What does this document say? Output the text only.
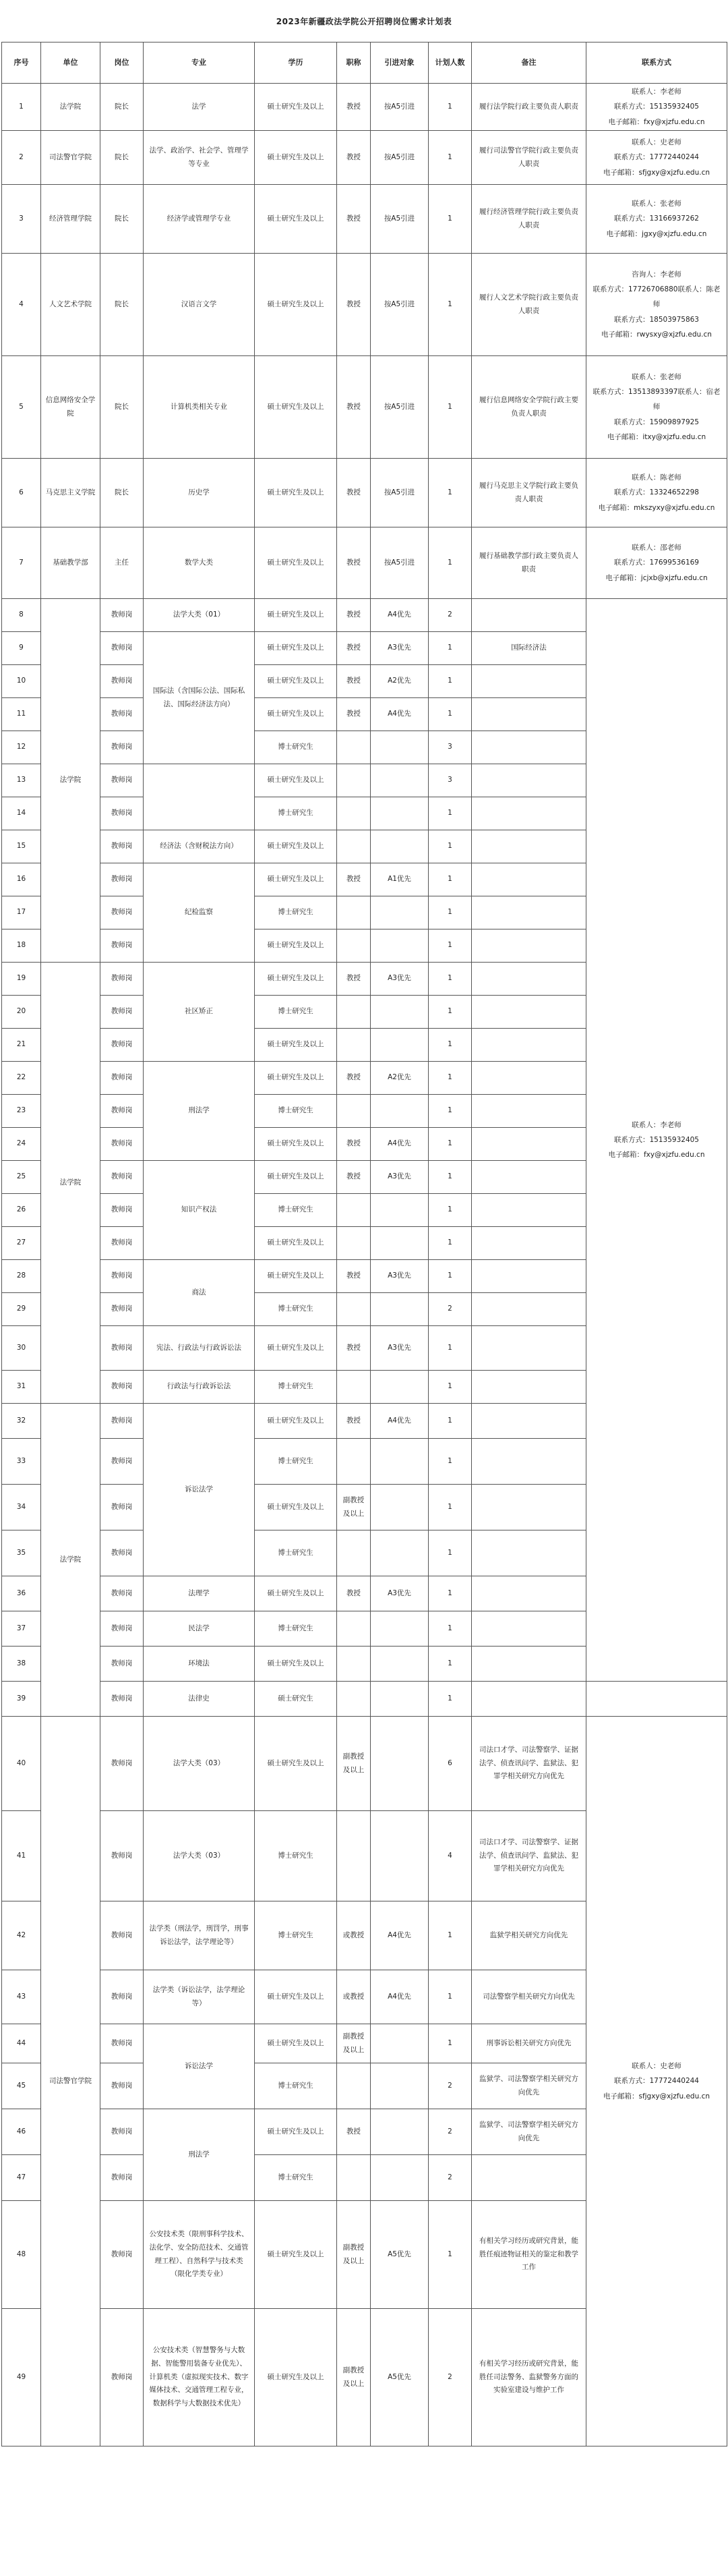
2023年新疆政法学院公开招聘岗位需求计划表
序号	单位	岗位	专业	学历	职称	引进对象	计划人数	备注	联系方式
1	法学院	院长	法学	硕士研究生及以上	教授	按A5引进	1	履行法学院行政主要负责人职责	联系人：李老师
联系方式：15135932405
电子邮箱：fxy@xjzfu.edu.cn

2	司法警官学院	院长	法学、政治学、社会学、管理学等专业	硕士研究生及以上	教授	按A5引进	1	履行司法警官学院行政主要负责人职责	联系人：史老师
联系方式：17772440244
电子邮箱：sfjgxy@xjzfu.edu.cn

3	经济管理学院	院长	经济学或管理学专业	硕士研究生及以上	教授	按A5引进	1	履行经济管理学院行政主要负责人职责	联系人：张老师
联系方式：13166937262
电子邮箱：jgxy@xjzfu.edu.cn

4	人文艺术学院	院长	汉语言文学	硕士研究生及以上	教授	按A5引进	1	履行人文艺术学院行政主要负责人职责	咨询人：李老师
联系方式：17726706880联系人：陈老师
联系方式：18503975863
电子邮箱：rwysxy@xjzfu.edu.cn

5	信息网络安全学院	院长	计算机类相关专业	硕士研究生及以上	教授	按A5引进	1	履行信息网络安全学院行政主要负责人职责	联系人：张老师
联系方式：13513893397联系人：宿老师
联系方式：15909897925
电子邮箱：itxy@xjzfu.edu.cn

6	马克思主义学院	院长	历史学	硕士研究生及以上	教授	按A5引进	1	履行马克思主义学院行政主要负责人职责	联系人：陈老师
联系方式：13324652298
电子邮箱：mkszyxy@xjzfu.edu.cn

7	基础教学部	主任	数学大类	硕士研究生及以上	教授	按A5引进	1	履行基础教学部行政主要负责人职责	联系人：邵老师
联系方式：17699536169
电子邮箱：jcjxb@xjzfu.edu.cn

8	法学院	教师岗	法学大类（01）	硕士研究生及以上	教授	A4优先	2		联系人：李老师
联系方式：15135932405
电子邮箱：fxy@xjzfu.edu.cn

9		教师岗	国际法（含国际公法、国际私法、国际经济法方向）	硕士研究生及以上	教授	A3优先	1	国际经济法	
10		教师岗		硕士研究生及以上	教授	A2优先	1		
11		教师岗		硕士研究生及以上	教授	A4优先	1		
12		教师岗		博士研究生			3		
13		教师岗		硕士研究生及以上			3		
14		教师岗		博士研究生			1		
15		教师岗	经济法（含财税法方向）	硕士研究生及以上			1		
16		教师岗	纪检监察	硕士研究生及以上	教授	A1优先	1		
17		教师岗		博士研究生			1		
18		教师岗		硕士研究生及以上			1		
19	法学院	教师岗	社区矫正	硕士研究生及以上	教授	A3优先	1		
20		教师岗		博士研究生			1		
21		教师岗		硕士研究生及以上			1		
22		教师岗	刑法学	硕士研究生及以上	教授	A2优先	1		
23		教师岗		博士研究生			1		
24		教师岗		硕士研究生及以上	教授	A4优先	1		
25		教师岗	知识产权法	硕士研究生及以上	教授	A3优先	1		
26		教师岗		博士研究生			1		
27		教师岗		硕士研究生及以上			1		
28		教师岗	商法	硕士研究生及以上	教授	A3优先	1		
29		教师岗		博士研究生			2		
30		教师岗	宪法、行政法与行政诉讼法	硕士研究生及以上	教授	A3优先	1		
31		教师岗	行政法与行政诉讼法	博士研究生			1		
32	法学院	教师岗	诉讼法学	硕士研究生及以上	教授	A4优先	1		
33		教师岗		博士研究生			1		
34		教师岗		硕士研究生及以上	副教授及以上		1		
35		教师岗		博士研究生			1		
36		教师岗	法理学	硕士研究生及以上	教授	A3优先	1		
37		教师岗	民法学	博士研究生			1		
38		教师岗	环境法	硕士研究生及以上			1		
39		教师岗	法律史	硕士研究生			1		
40	司法警官学院	教师岗	法学大类（03）	硕士研究生及以上	副教授及以上		6	司法口才学、司法警察学、证据法学、侦查讯问学、监狱法、犯罪学相关研究方向优先	联系人：史老师
联系方式：17772440244
电子邮箱：sfjgxy@xjzfu.edu.cn

41		教师岗	法学大类（03）	博士研究生			4	司法口才学、司法警察学、证据法学、侦查讯问学、监狱法、犯罪学相关研究方向优先	
42		教师岗	法学类（刑法学，刑罚学，刑事诉讼法学，法学理论等）	博士研究生	或教授	A4优先	1	监狱学相关研究方向优先	
43		教师岗	法学类（诉讼法学，法学理论等）	硕士研究生及以上	或教授	A4优先	1	司法警察学相关研究方向优先	
44		教师岗	诉讼法学	硕士研究生及以上	副教授及以上		1	刑事诉讼相关研究方向优先	
45		教师岗		博士研究生			2	监狱学、司法警察学相关研究方向优先	
46		教师岗	刑法学	硕士研究生及以上	教授		2	监狱学、司法警察学相关研究方向优先	
47		教师岗		博士研究生			2		
48		教师岗	公安技术类（限刑事科学技术、法化学、安全防范技术、交通管理工程）、自然科学与技术类（限化学类专业）	硕士研究生及以上	副教授及以上	A5优先	1	有相关学习经历或研究背景，能胜任痕迹物证相关的鉴定和教学工作	
49		教师岗	公安技术类（智慧警务与大数据、智能警用装备专业优先）、计算机类（虚拟现实技术、数字媒体技术、交通管理工程专业，数据科学与大数据技术优先）	硕士研究生及以上	副教授及以上	A5优先	2	有相关学习经历或研究背景，能胜任司法警务、监狱警务方面的实验室建设与维护工作	
